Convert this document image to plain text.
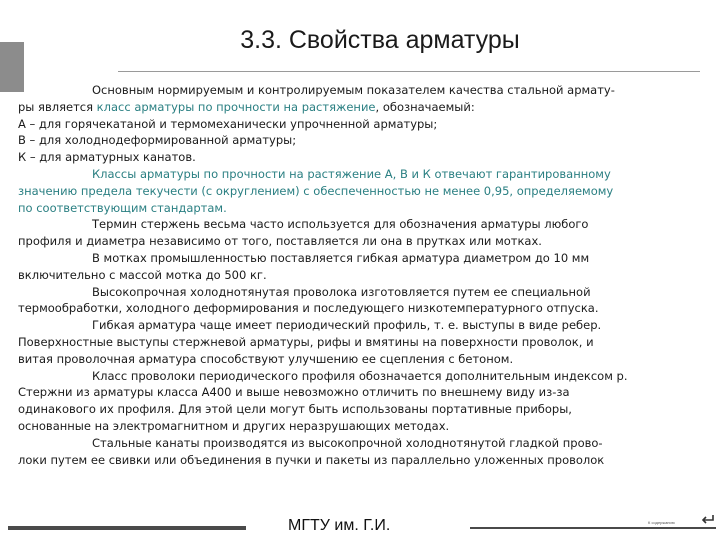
3.3. Свойства арматуры
Основным нормируемым и контролируемым показателем качества стальной армату-
ры является класс арматуры по прочности на растяжение, обозначаемый:
А – для горячекатаной и термомеханически упрочненной арматуры;
В – для холоднодеформированной арматуры;
К – для арматурных канатов.
Классы арматуры по прочности на растяжение А, В и К отвечают гарантированному
значению предела текучести (с округлением) с обеспеченностью не менее 0,95, определяемому
по соответствующим стандартам.
Термин стержень весьма часто используется для обозначения арматуры любого
профиля и диаметра независимо от того, поставляется ли она в прутках или мотках.
В мотках промышленностью поставляется гибкая арматура диаметром до 10 мм
включительно с массой мотка до 500 кг.
Высокопрочная холоднотянутая проволока изготовляется путем ее специальной
термообработки, холодного деформирования и последующего низкотемпературного отпуска.
Гибкая арматура чаще имеет периодический профиль, т. е. выступы в виде ребер.
Поверхностные выступы стержневой арматуры, рифы и вмятины на поверхности проволок, и
витая проволочная арматура способствуют улучшению ее сцепления с бетоном.
Класс проволоки периодического профиля обозначается дополнительным индексом р.
Стержни из арматуры класса А400 и выше невозможно отличить по внешнему виду из-за
одинакового их профиля. Для этой цели могут быть использованы портативные приборы,
основанные на электромагнитном и других неразрушающих методах.
Стальные канаты производятся из высокопрочной холоднотянутой гладкой прово-
локи путем ее свивки или объединения в пучки и пакеты из параллельно уложенных проволок
МГТУ им. Г.И.	К содержанию
